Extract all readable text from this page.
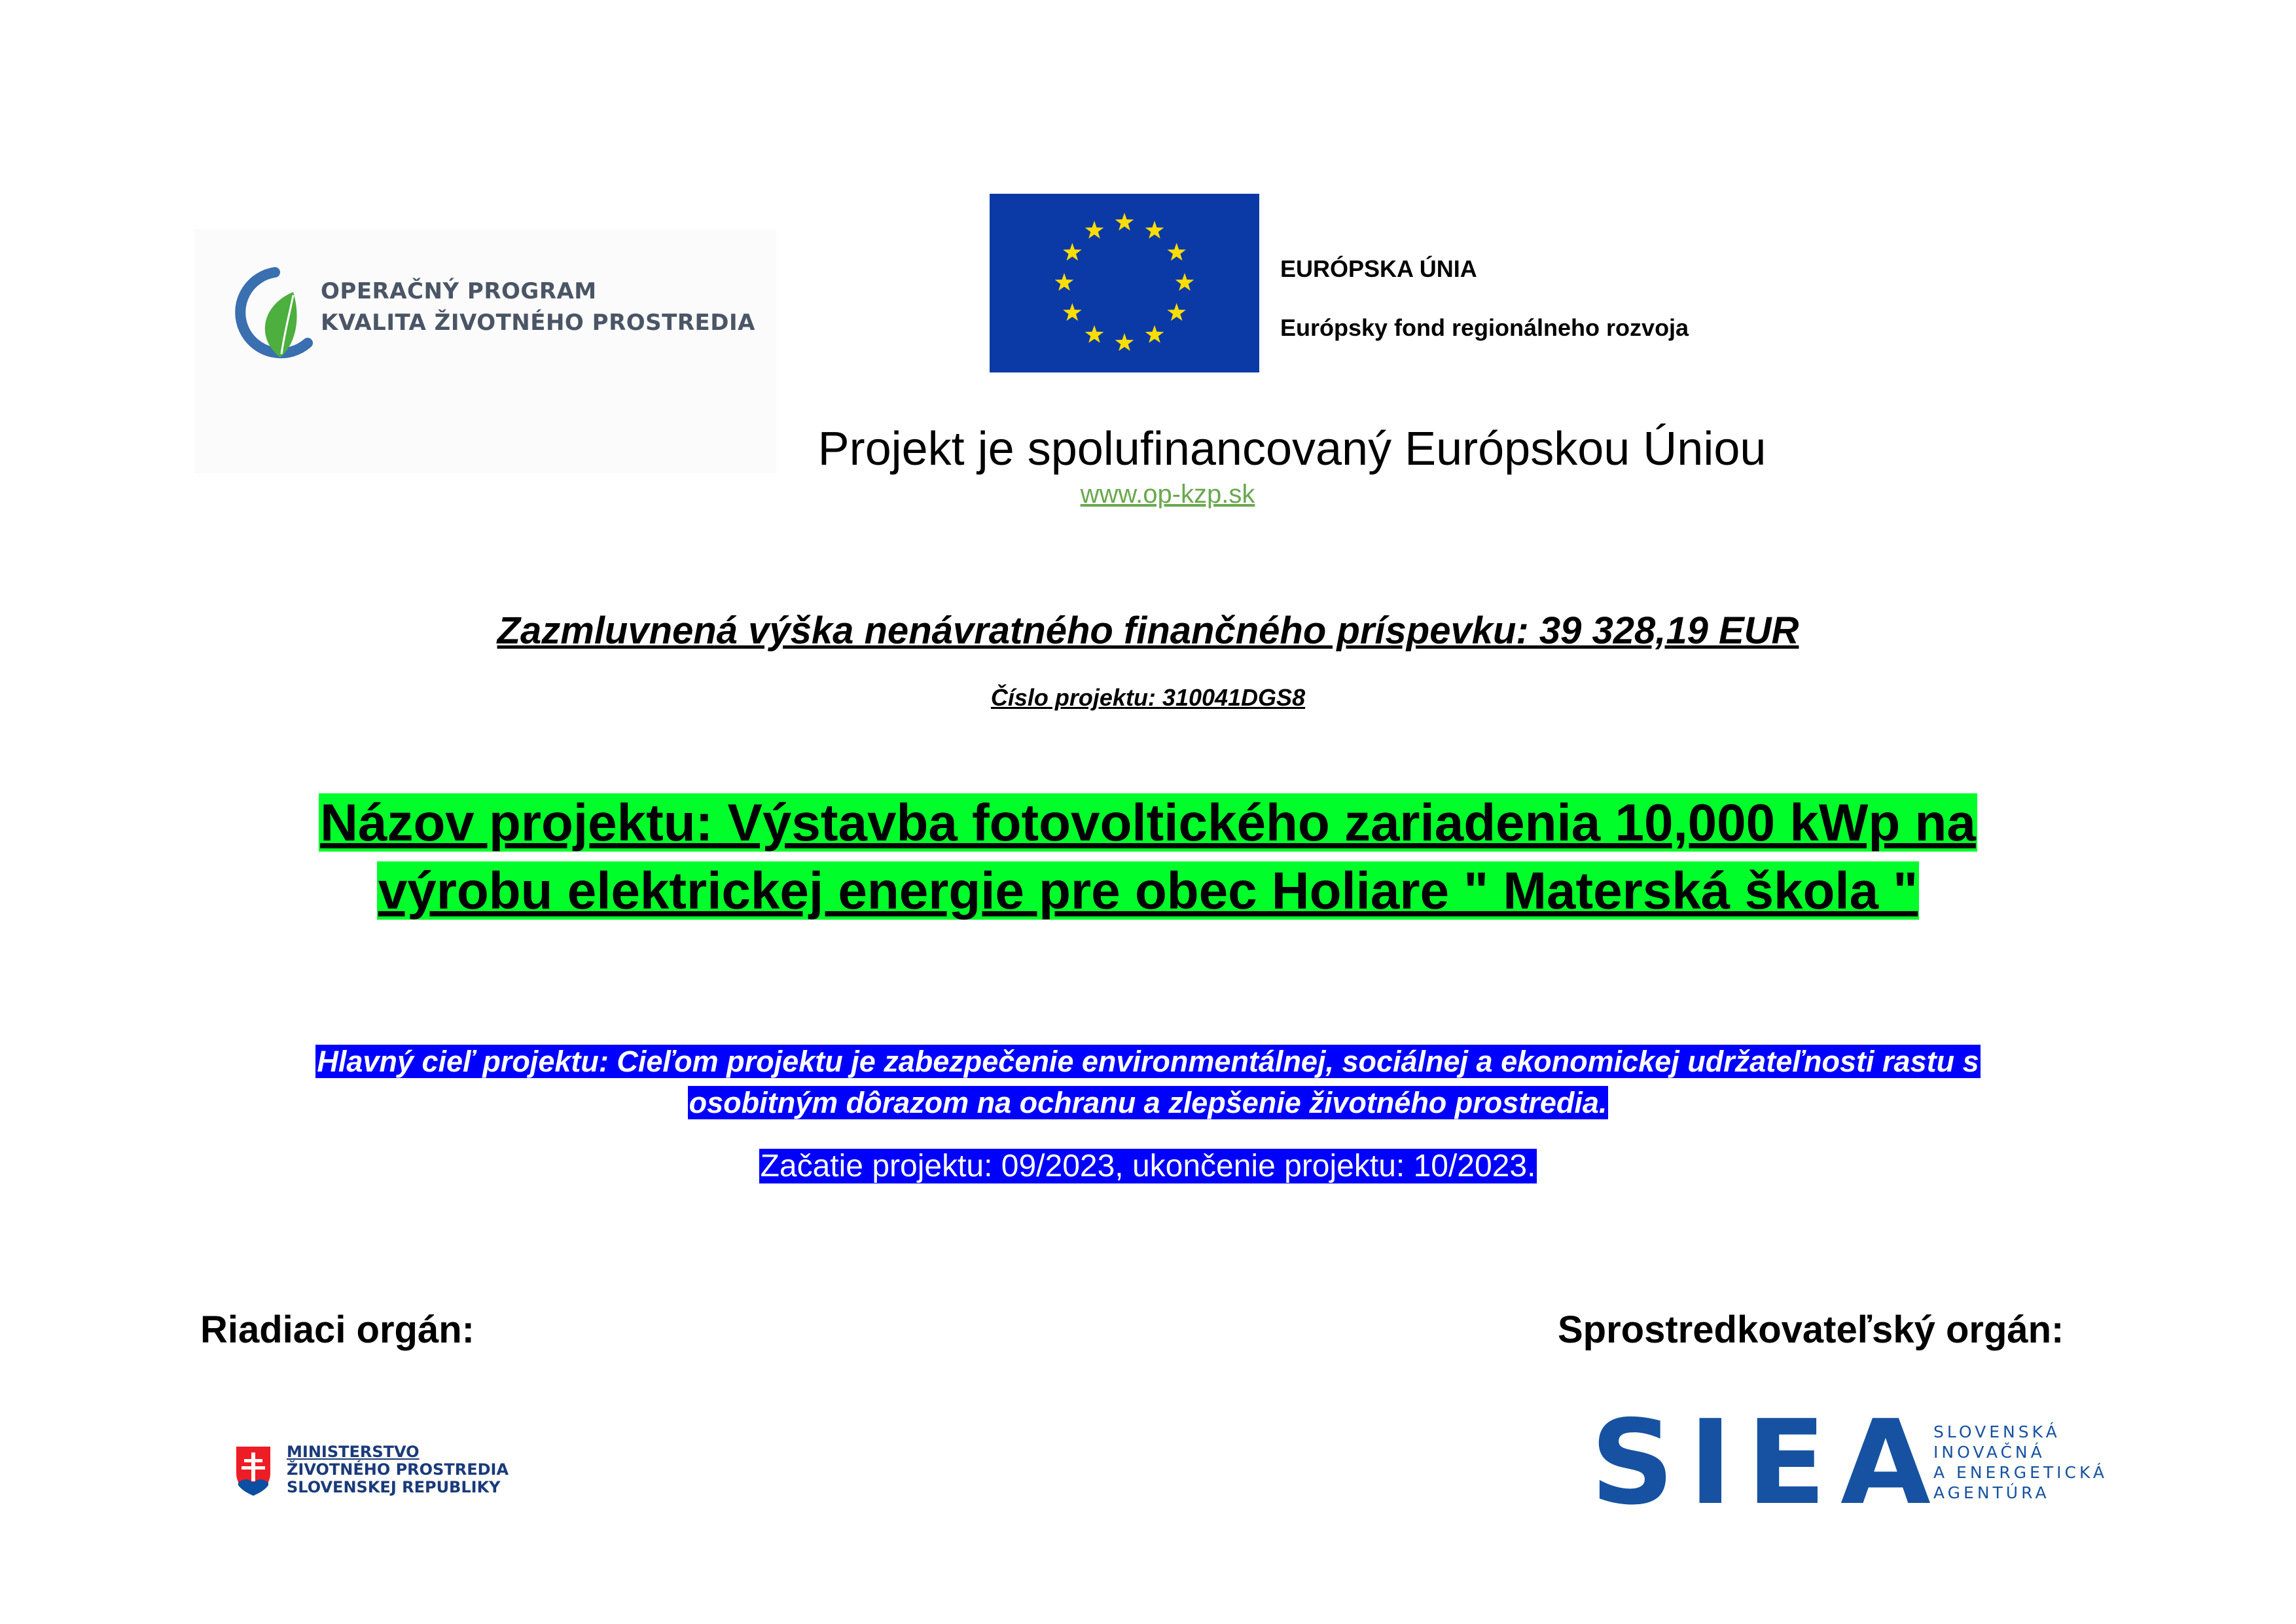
OPERAČNÝ PROGRAM
KVALITA ŽIVOTNÉHO PROSTREDIA
EURÓPSKA ÚNIA
Európsky fond regionálneho rozvoja
Projekt je spolufinancovaný Európskou Úniou
www.op-kzp.sk
Zazmluvnená výška nenávratného finančného príspevku: 39 328,19 EUR
Číslo projektu: 310041DGS8
Názov projektu: Výstavba fotovoltického zariadenia 10,000 kWp na
výrobu elektrickej energie pre obec Holiare " Materská škola "
Hlavný cieľ projektu: Cieľom projektu je zabezpečenie environmentálnej, sociálnej a ekonomickej udržateľnosti rastu s
osobitným dôrazom na ochranu a zlepšenie životného prostredia.
Začatie projektu: 09/2023, ukončenie projektu: 10/2023.
Riadiaci orgán:	Sprostredkovateľský orgán:
MINISTERSTVO
ŽIVOTNÉHO PROSTREDIA
SLOVENSKEJ REPUBLIKY	SIEA
SLOVENSKÁ
INOVAČNÁ
A ENERGETICKÁ
AGENTÚRA
